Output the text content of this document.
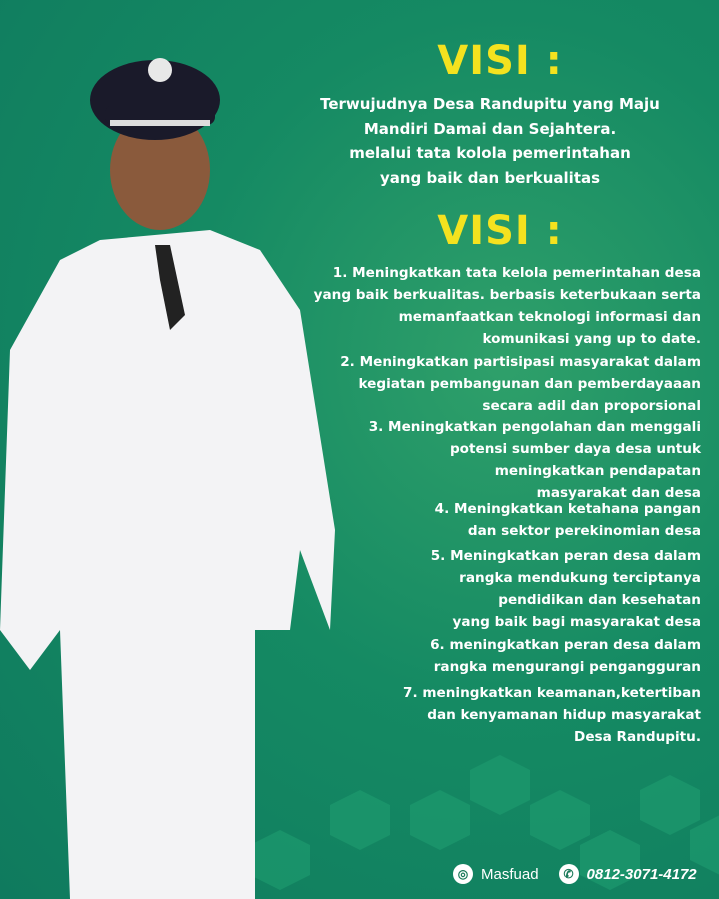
VISI :
Terwujudnya Desa Randupitu yang Maju
Mandiri Damai dan Sejahtera.
melalui tata kolola pemerintahan
yang baik dan berkualitas
VISI :
1. Meningkatkan tata kelola pemerintahan desa
yang baik berkualitas. berbasis keterbukaan serta
memanfaatkan teknologi informasi dan
komunikasi yang up to date.
2. Meningkatkan partisipasi masyarakat dalam
kegiatan pembangunan dan pemberdayaaan
secara adil dan proporsional
3. Meningkatkan pengolahan dan menggali
potensi sumber daya desa untuk
meningkatkan pendapatan
masyarakat dan desa
4. Meningkatkan ketahana pangan
dan sektor perekinomian desa
5. Meningkatkan peran desa dalam
rangka mendukung terciptanya
pendidikan dan kesehatan
yang baik bagi masyarakat desa
6. meningkatkan peran desa dalam
rangka mengurangi pengangguran
7. meningkatkan keamanan,ketertiban
dan kenyamanan hidup masyarakat
Desa Randupitu.
◎ Masfuad	✆ 0812-3071-4172
